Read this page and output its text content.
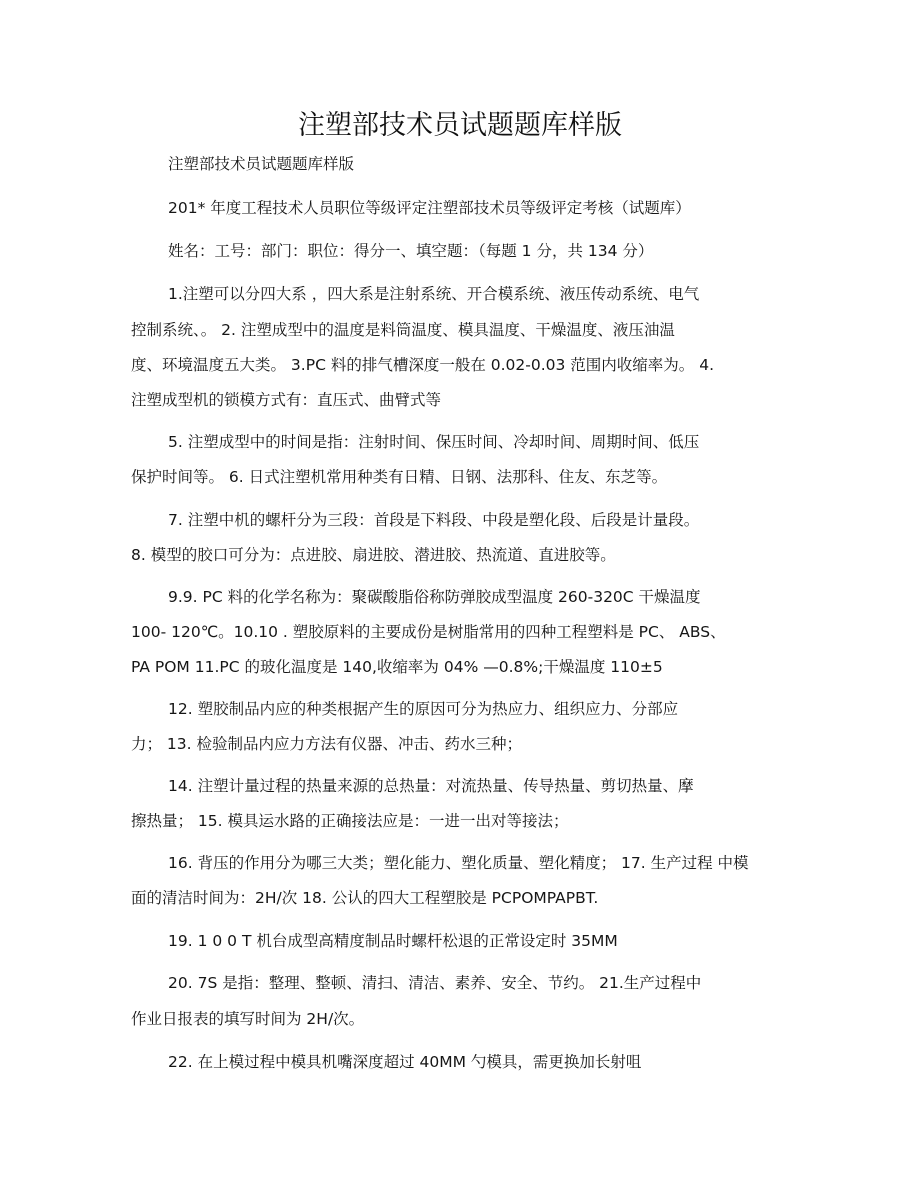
注塑部技术员试题题库样版
注塑部技术员试题题库样版
201* 年度工程技术人员职位等级评定注塑部技术员等级评定考核（试题库）
姓名：工号：部门：职位：得分一、填空题：（每题 1 分，共 134 分）
1.注塑可以分四大系 ，四大系是注射系统、开合模系统、液压传动系统、电气
控制系统、。 2. 注塑成型中的温度是料筒温度、模具温度、干燥温度、液压油温
度、环境温度五大类。 3.PC 料的排气槽深度一般在 0.02-0.03 范围内收缩率为。 4.
注塑成型机的锁模方式有：直压式、曲臂式等
5. 注塑成型中的时间是指：注射时间、保压时间、冷却时间、周期时间、低压
保护时间等。 6. 日式注塑机常用种类有日精、日钢、法那科、住友、东芝等。
7. 注塑中机的螺杆分为三段：首段是下料段、中段是塑化段、后段是计量段。
8. 模型的胶口可分为：点进胶、扇进胶、潜进胶、热流道、直进胶等。
9.9. PC 料的化学名称为：聚碳酸脂俗称防弹胶成型温度 260-320C 干燥温度
100- 120℃。10.10 . 塑胶原料的主要成份是树脂常用的四种工程塑料是 PC、 ABS、
PA POM 11.PC 的玻化温度是 140,收缩率为 04% —0.8%;干燥温度 110±5
12. 塑胶制品内应的种类根据产生的原因可分为热应力、组织应力、分部应
力； 13. 检验制品内应力方法有仪器、冲击、药水三种；
14. 注塑计量过程的热量来源的总热量：对流热量、传导热量、剪切热量、摩
擦热量； 15. 模具运水路的正确接法应是：一进一出对等接法；
16. 背压的作用分为哪三大类；塑化能力、塑化质量、塑化精度； 17. 生产过程 中模
面的清洁时间为：2H/次 18. 公认的四大工程塑胶是 PCPOMPAPBT.
19. 1 0 0 T 机台成型高精度制品时螺杆松退的正常设定时 35MM
20. 7S 是指：整理、整顿、清扫、清洁、素养、安全、节约。 21.生产过程中
作业日报表的填写时间为 2H/次。
22. 在上模过程中模具机嘴深度超过 40MM 勺模具，需更换加长射咀
